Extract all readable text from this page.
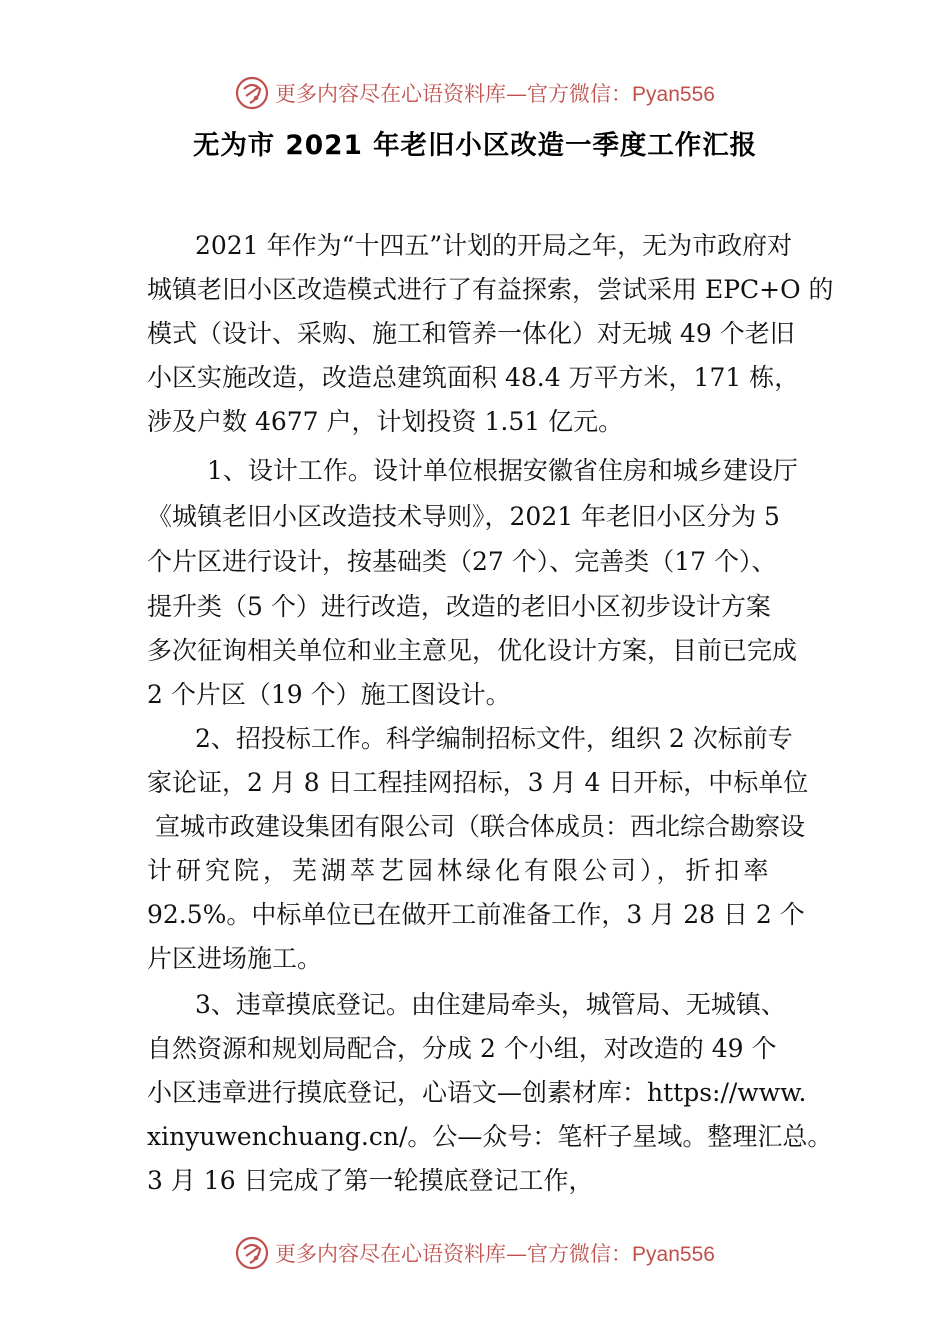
更多内容尽在心语资料库—官方微信：Pyan556
无为市 2021 年老旧小区改造一季度工作汇报
2021 年作为“十四五”计划的开局之年，无为市政府对
城镇老旧小区改造模式进行了有益探索，尝试采用 EPC+O 的
模式（设计、采购、施工和管养一体化）对无城 49 个老旧
小区实施改造，改造总建筑面积 48.4 万平方米，171 栋，
涉及户数 4677 户，计划投资 1.51 亿元。
1、设计工作。设计单位根据安徽省住房和城乡建设厅
《城镇老旧小区改造技术导则》，2021 年老旧小区分为 5
个片区进行设计，按基础类（27 个）、完善类（17 个）、
提升类（5 个）进行改造，改造的老旧小区初步设计方案
多次征询相关单位和业主意见，优化设计方案，目前已完成
2 个片区（19 个）施工图设计。
2、招投标工作。科学编制招标文件，组织 2 次标前专
家论证，2 月 8 日工程挂网招标，3 月 4 日开标，中标单位
宣城市政建设集团有限公司（联合体成员：西北综合勘察设
计研究院，芜湖萃艺园林绿化有限公司），折扣率
92.5%。中标单位已在做开工前准备工作，3 月 28 日 2 个
片区进场施工。
3、违章摸底登记。由住建局牵头，城管局、无城镇、
自然资源和规划局配合，分成 2 个小组，对改造的 49 个
小区违章进行摸底登记，心语文—创素材库：https://www.
xinyuwenchuang.cn/。公—众号：笔杆子星域。整理汇总。
3 月 16 日完成了第一轮摸底登记工作，
更多内容尽在心语资料库—官方微信：Pyan556
